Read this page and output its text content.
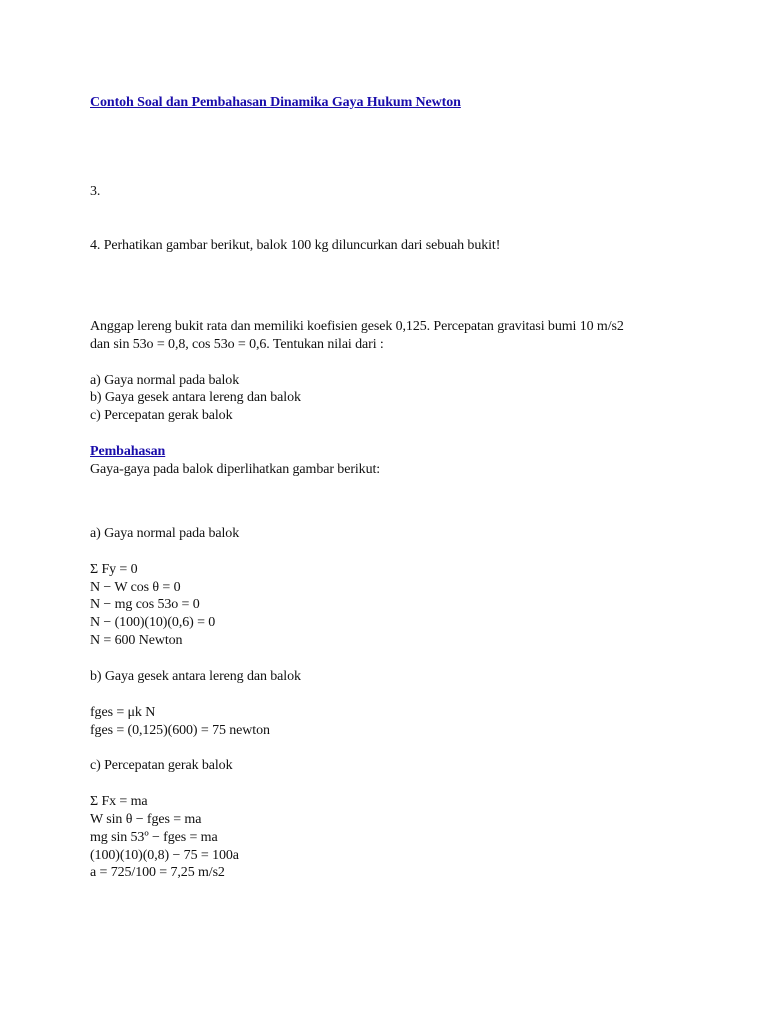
Contoh Soal dan Pembahasan Dinamika Gaya Hukum Newton
3.
4. Perhatikan gambar berikut, balok 100 kg diluncurkan dari sebuah bukit!
Anggap lereng bukit rata dan memiliki koefisien gesek 0,125. Percepatan gravitasi bumi 10 m/s2
dan sin 53o = 0,8, cos 53o = 0,6. Tentukan nilai dari :
a) Gaya normal pada balok
b) Gaya gesek antara lereng dan balok
c) Percepatan gerak balok
Pembahasan
Gaya-gaya pada balok diperlihatkan gambar berikut:
a) Gaya normal pada balok
Σ Fy = 0
N − W cos θ = 0
N − mg cos 53o = 0
N − (100)(10)(0,6) = 0
N = 600 Newton
b) Gaya gesek antara lereng dan balok
fges = μk N
fges = (0,125)(600) = 75 newton
c) Percepatan gerak balok
Σ Fx = ma
W sin θ − fges = ma
mg sin 53º − fges = ma
(100)(10)(0,8) − 75 = 100a
a = 725/100 = 7,25 m/s2
